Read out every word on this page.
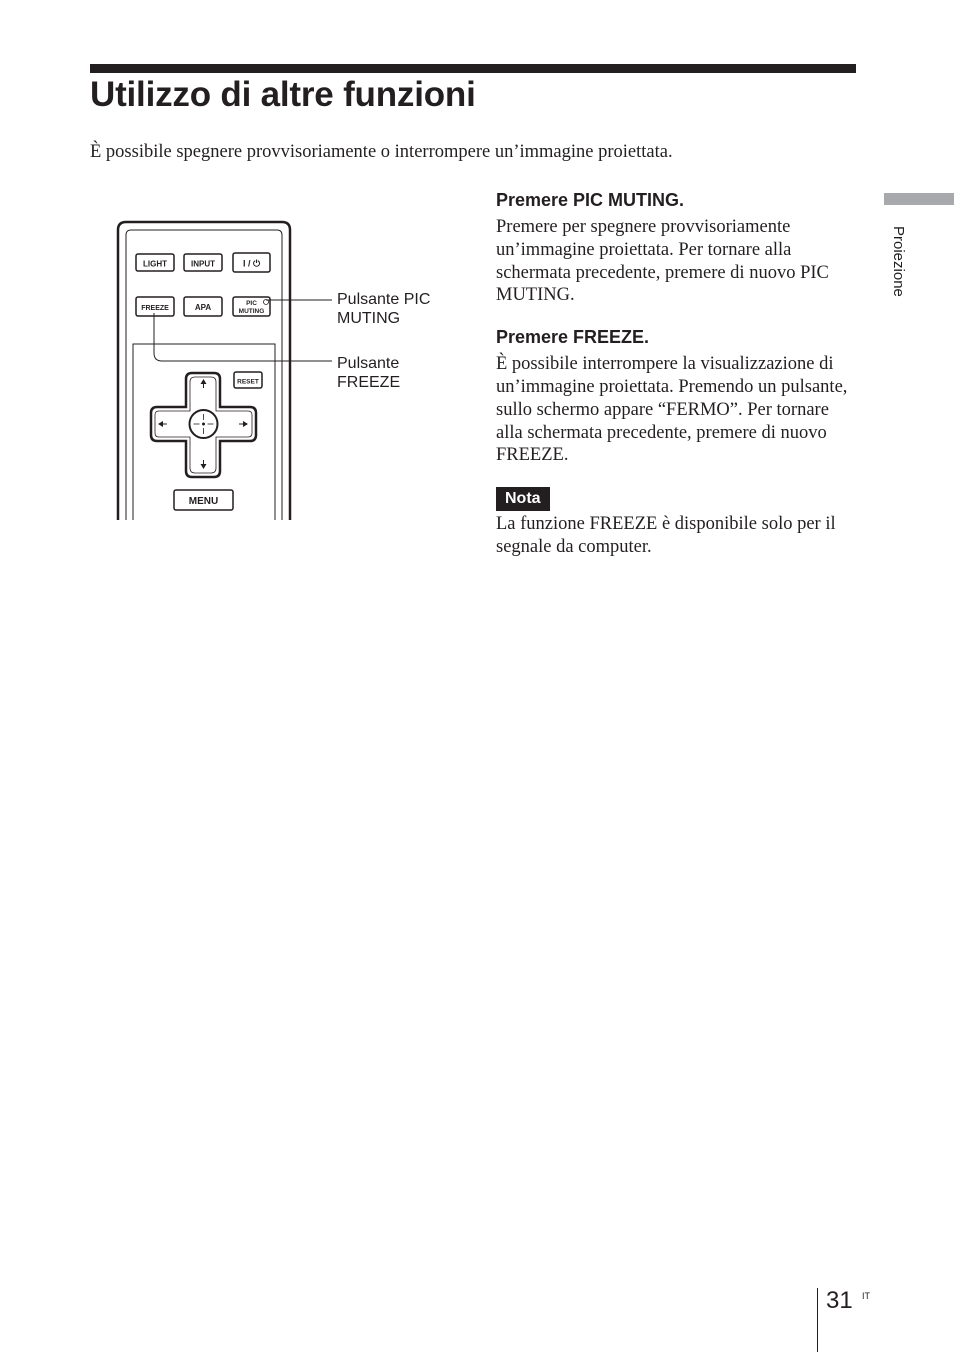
Utilizzo di altre funzioni

È possibile spegnere provvisoriamente o interrompere un’immagine proiettata.

LIGHT	INPUT	I / ⏻
FREEZE	APA	PIC
MUTING
RESET
MENU
Pulsante PIC
MUTING
Pulsante
FREEZE
Premere PIC MUTING.

Premere per spegnere provvisoriamente un’immagine proiettata. Per tornare alla schermata precedente, premere di nuovo PIC MUTING.

Premere FREEZE.

È possibile interrompere la visualizzazione di un’immagine proiettata. Premendo un pulsante, sullo schermo appare “FERMO”. Per tornare alla schermata precedente, premere di nuovo FREEZE.

Nota

La funzione FREEZE è disponibile solo per il segnale da computer.

Proiezione
31 IT
